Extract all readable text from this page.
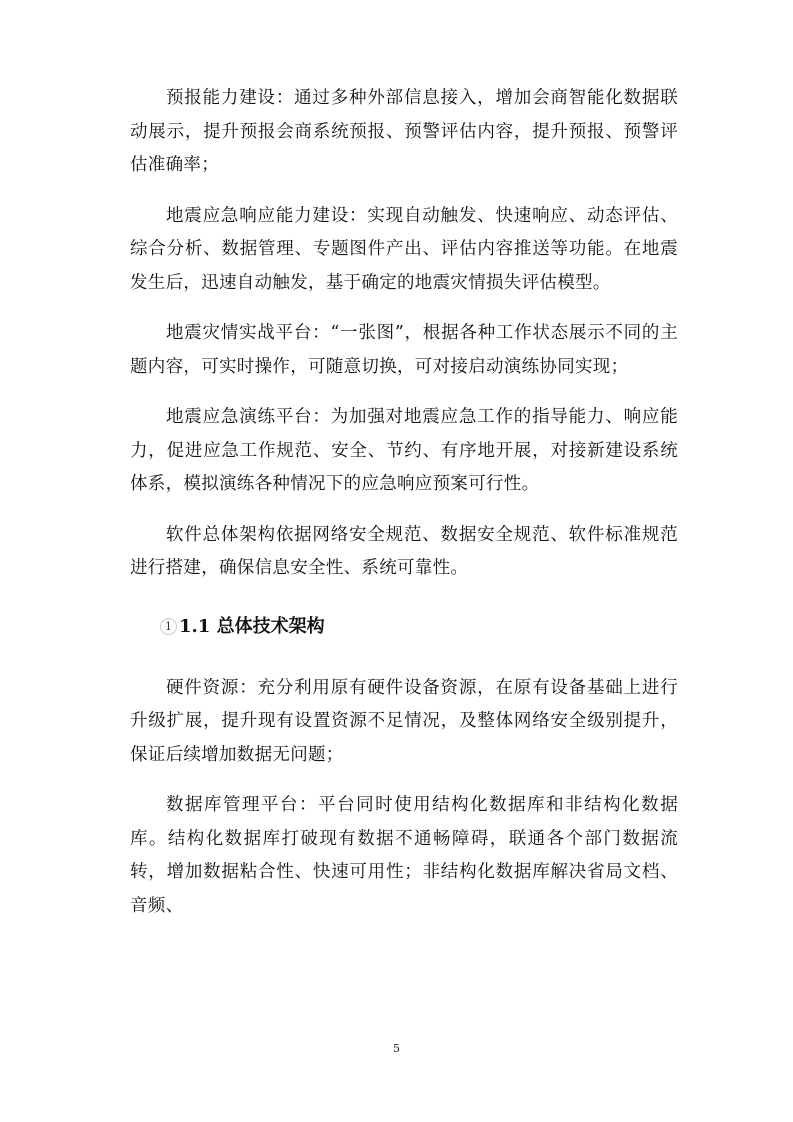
预报能力建设：通过多种外部信息接入，增加会商智能化数据联动展示，提升预报会商系统预报、预警评估内容，提升预报、预警评估准确率；

地震应急响应能力建设：实现自动触发、快速响应、动态评估、综合分析、数据管理、专题图件产出、评估内容推送等功能。在地震发生后，迅速自动触发，基于确定的地震灾情损失评估模型。

地震灾情实战平台：“一张图”，根据各种工作状态展示不同的主题内容，可实时操作，可随意切换，可对接启动演练协同实现；

地震应急演练平台：为加强对地震应急工作的指导能力、响应能力，促进应急工作规范、安全、节约、有序地开展，对接新建设系统体系，模拟演练各种情况下的应急响应预案可行性。

软件总体架构依据网络安全规范、数据安全规范、软件标准规范进行搭建，确保信息安全性、系统可靠性。

1 1.1 总体技术架构

硬件资源：充分利用原有硬件设备资源，在原有设备基础上进行升级扩展，提升现有设置资源不足情况，及整体网络安全级别提升，保证后续增加数据无问题；

数据库管理平台：平台同时使用结构化数据库和非结构化数据库。结构化数据库打破现有数据不通畅障碍，联通各个部门数据流转，增加数据粘合性、快速可用性；非结构化数据库解决省局文档、音频、

5
